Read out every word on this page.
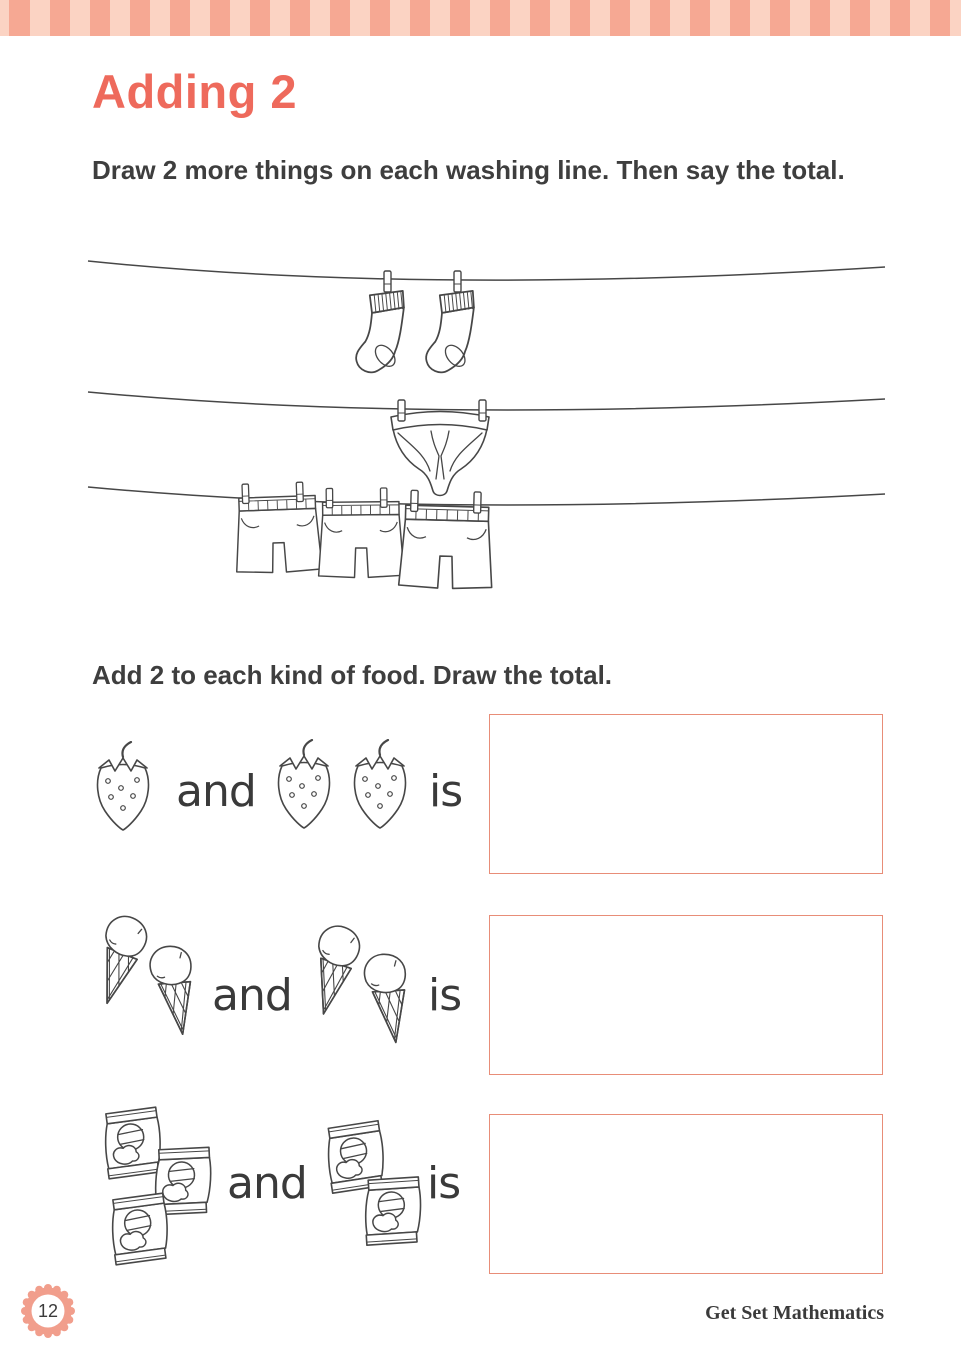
Adding 2
Draw 2 more things on each washing line. Then say the total.
Add 2 to each kind of food. Draw the total.
and	is
and	is
and	is
12	Get Set Mathematics
